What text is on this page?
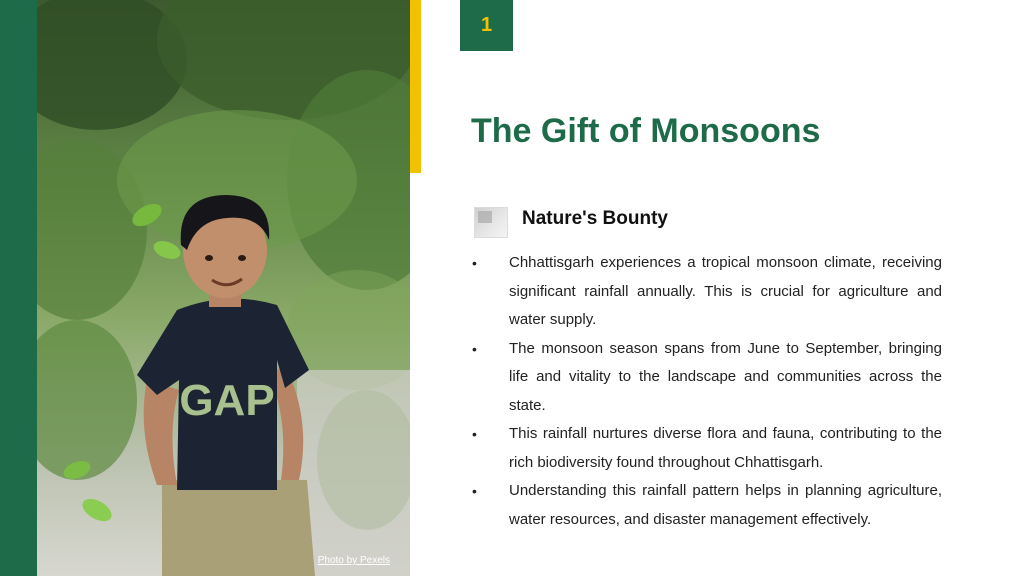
GAP
Photo by Pexels
1
The Gift of Monsoons
Nature's Bounty
• Chhattisgarh experiences a tropical monsoon climate, receiving significant rainfall annually. This is crucial for agriculture and water supply.
• The monsoon season spans from June to September, bringing life and vitality to the landscape and communities across the state.
• This rainfall nurtures diverse flora and fauna, contributing to the rich biodiversity found throughout Chhattisgarh.
• Understanding this rainfall pattern helps in planning agriculture, water resources, and disaster management effectively.
